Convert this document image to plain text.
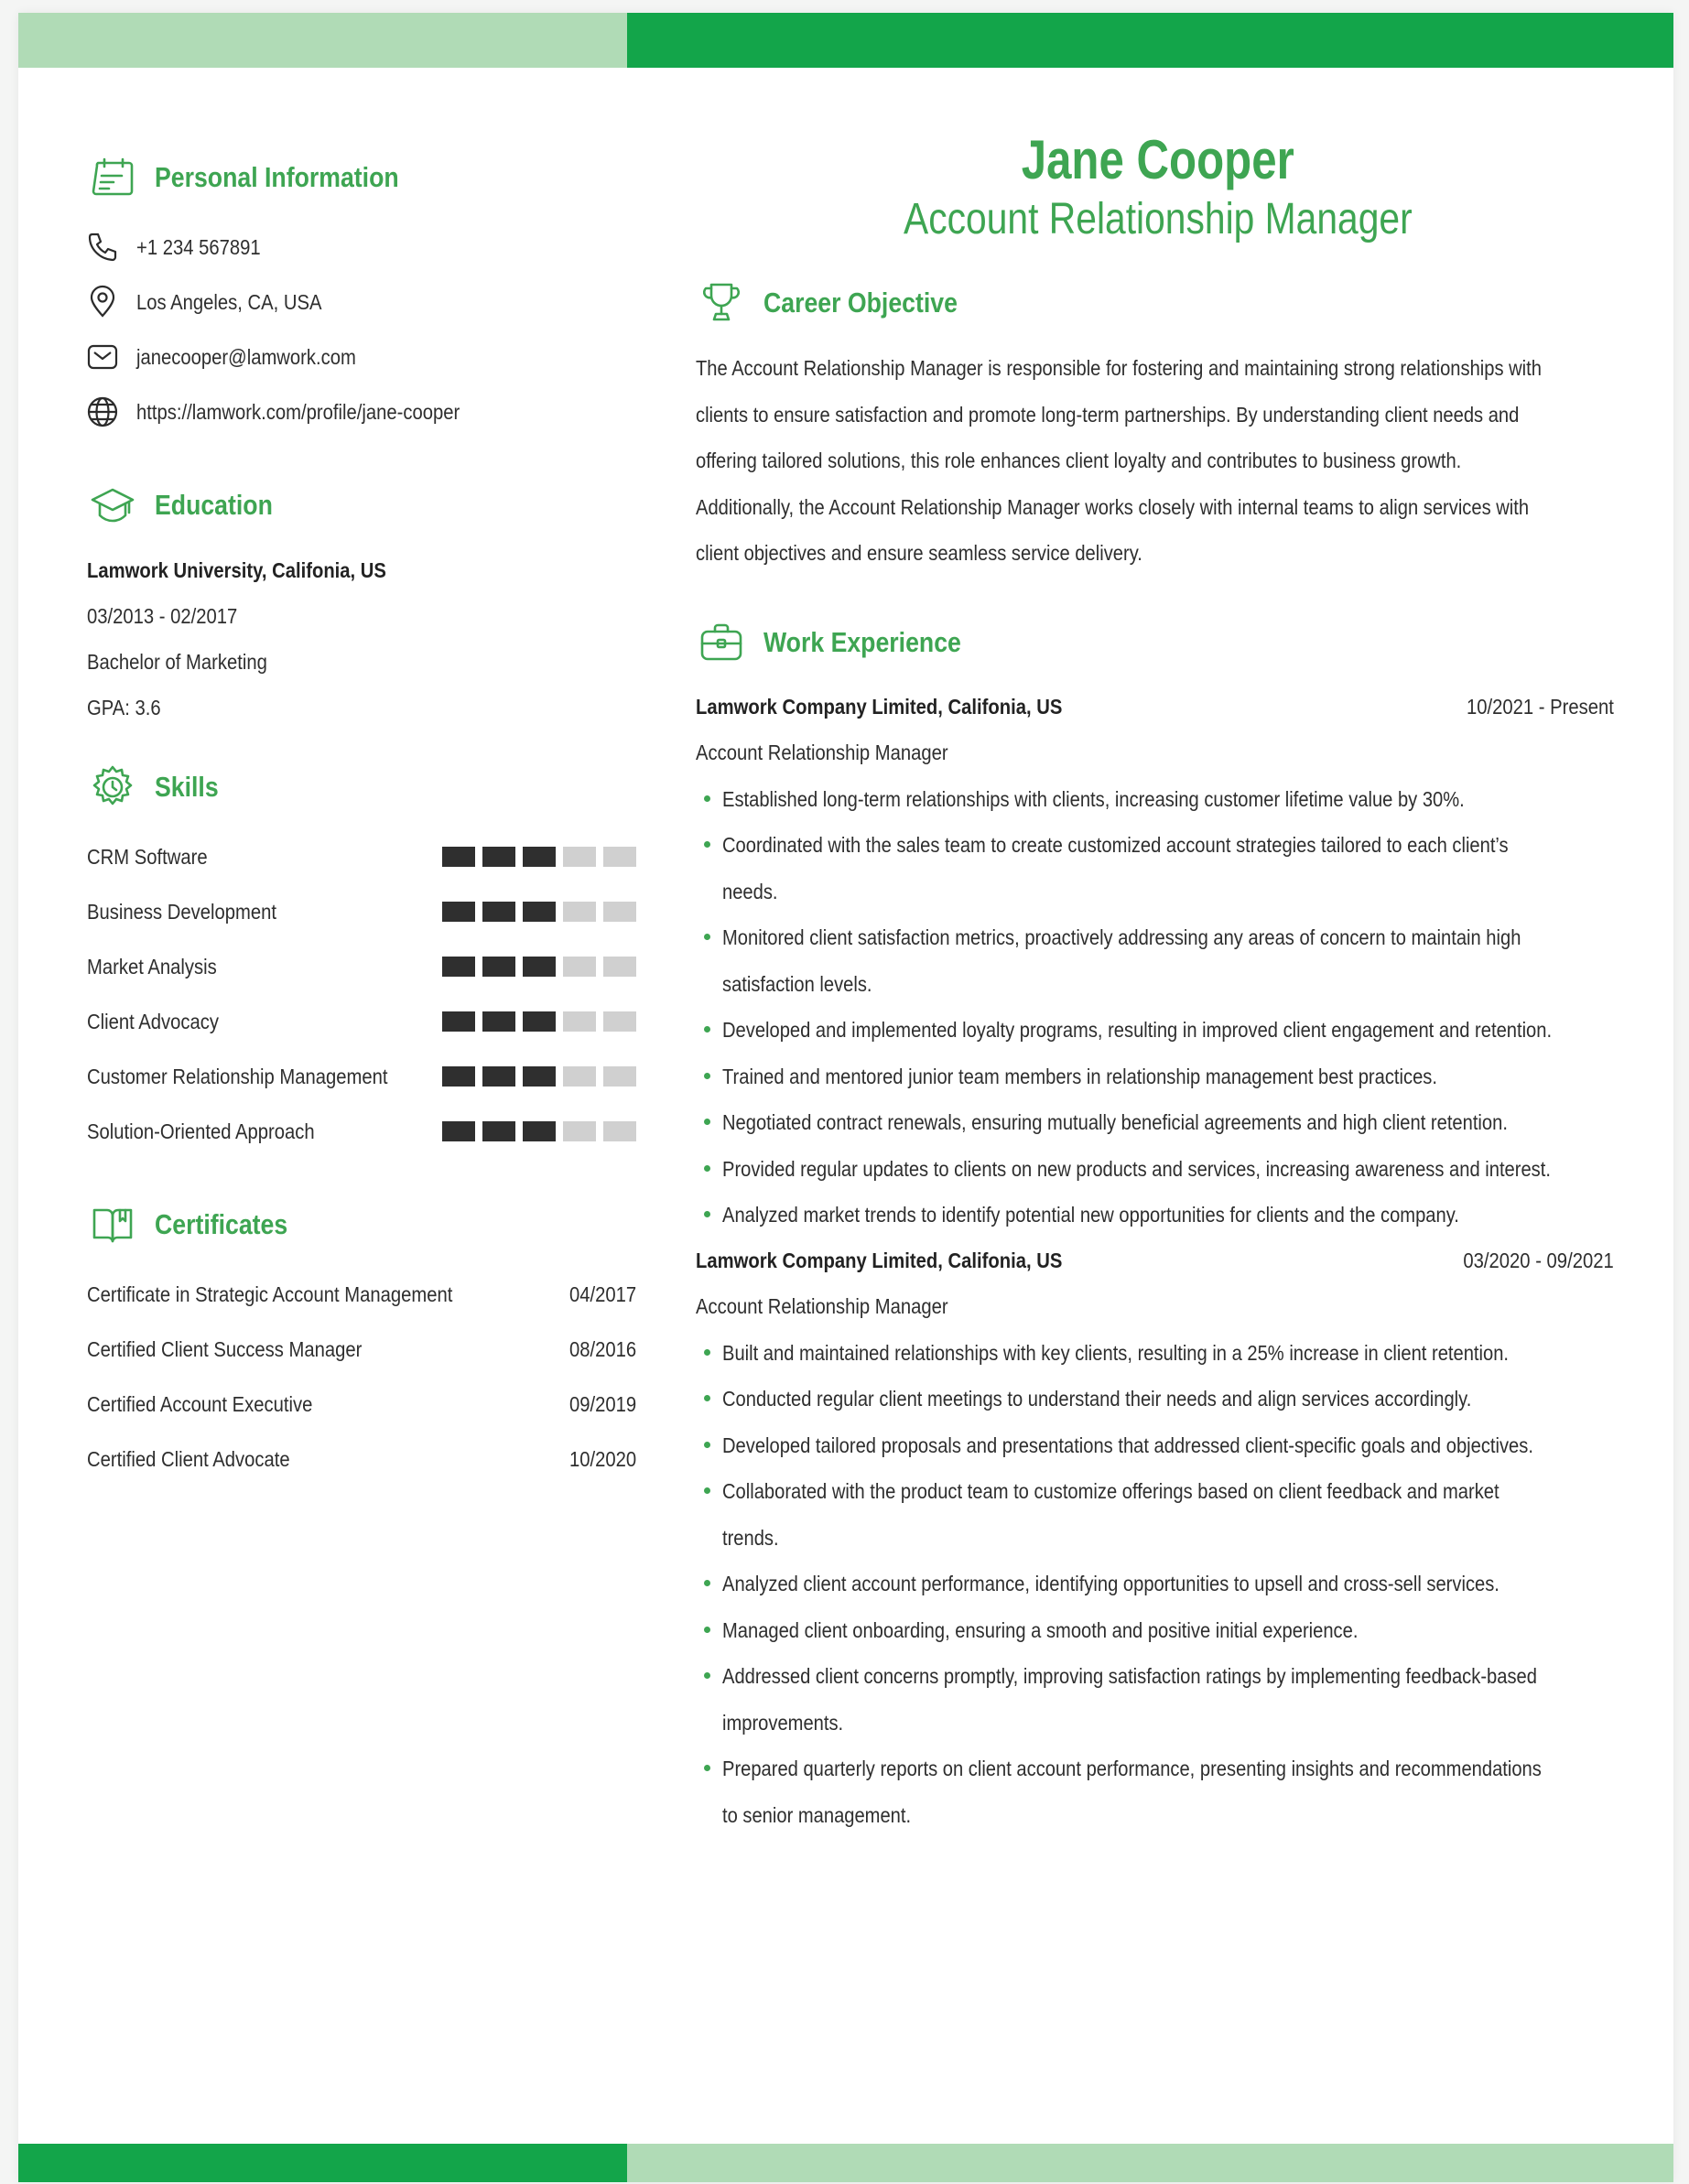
Personal Information
+1 234 567891
Los Angeles, CA, USA
janecooper@lamwork.com
https://lamwork.com/profile/jane-cooper
Education
Lamwork University, Califonia, US
03/2013 - 02/2017
Bachelor of Marketing
GPA: 3.6
Skills
CRM Software
Business Development
Market Analysis
Client Advocacy
Customer Relationship Management
Solution-Oriented Approach
Certificates
Certificate in Strategic Account Management	04/2017
Certified Client Success Manager	08/2016
Certified Account Executive	09/2019
Certified Client Advocate	10/2020
Jane Cooper
Account Relationship Manager
Career Objective

The Account Relationship Manager is responsible for fostering and maintaining strong relationships with

clients to ensure satisfaction and promote long-term partnerships. By understanding client needs and

offering tailored solutions, this role enhances client loyalty and contributes to business growth.

Additionally, the Account Relationship Manager works closely with internal teams to align services with

client objectives and ensure seamless service delivery.

Work Experience
Lamwork Company Limited, Califonia, US	10/2021 - Present
Account Relationship Manager
Established long-term relationships with clients, increasing customer lifetime value by 30%.
Coordinated with the sales team to create customized account strategies tailored to each client’s
needs.
Monitored client satisfaction metrics, proactively addressing any areas of concern to maintain high
satisfaction levels.
Developed and implemented loyalty programs, resulting in improved client engagement and retention.
Trained and mentored junior team members in relationship management best practices.
Negotiated contract renewals, ensuring mutually beneficial agreements and high client retention.
Provided regular updates to clients on new products and services, increasing awareness and interest.
Analyzed market trends to identify potential new opportunities for clients and the company.
Lamwork Company Limited, Califonia, US	03/2020 - 09/2021
Account Relationship Manager
Built and maintained relationships with key clients, resulting in a 25% increase in client retention.
Conducted regular client meetings to understand their needs and align services accordingly.
Developed tailored proposals and presentations that addressed client-specific goals and objectives.
Collaborated with the product team to customize offerings based on client feedback and market
trends.
Analyzed client account performance, identifying opportunities to upsell and cross-sell services.
Managed client onboarding, ensuring a smooth and positive initial experience.
Addressed client concerns promptly, improving satisfaction ratings by implementing feedback-based
improvements.
Prepared quarterly reports on client account performance, presenting insights and recommendations
to senior management.
